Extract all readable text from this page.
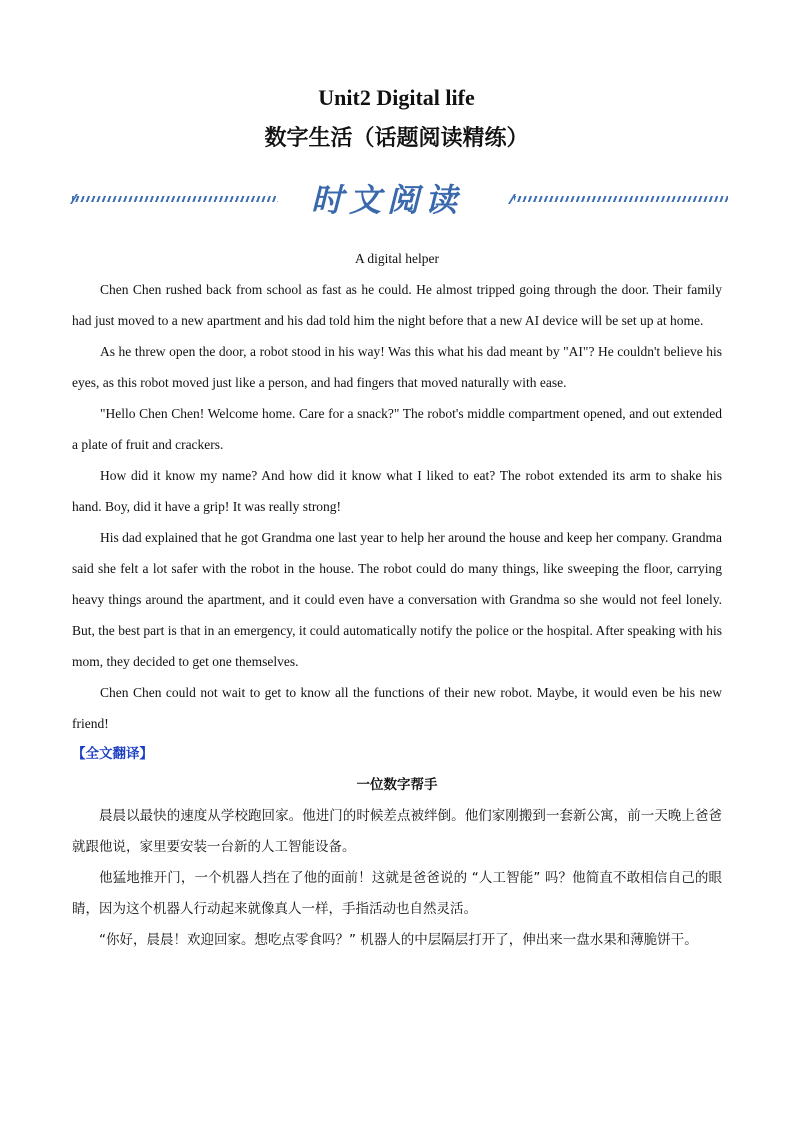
Unit2 Digital life
数字生活（话题阅读精练）
时文阅读

A digital helper

Chen Chen rushed back from school as fast as he could. He almost tripped going through the door. Their family had just moved to a new apartment and his dad told him the night before that a new AI device will be set up at home.

As he threw open the door, a robot stood in his way! Was this what his dad meant by "AI"? He couldn't believe his eyes, as this robot moved just like a person, and had fingers that moved naturally with ease.

"Hello Chen Chen! Welcome home. Care for a snack?" The robot's middle compartment opened, and out extended a plate of fruit and crackers.

How did it know my name? And how did it know what I liked to eat? The robot extended its arm to shake his hand. Boy, did it have a grip! It was really strong!

His dad explained that he got Grandma one last year to help her around the house and keep her company. Grandma said she felt a lot safer with the robot in the house. The robot could do many things, like sweeping the floor, carrying heavy things around the apartment, and it could even have a conversation with Grandma so she would not feel lonely. But, the best part is that in an emergency, it could automatically notify the police or the hospital. After speaking with his mom, they decided to get one themselves.

Chen Chen could not wait to get to know all the functions of their new robot. Maybe, it would even be his new friend!

【全文翻译】

一位数字帮手

晨晨以最快的速度从学校跑回家。他进门的时候差点被绊倒。他们家刚搬到一套新公寓，前一天晚上爸爸就跟他说，家里要安装一台新的人工智能设备。

他猛地推开门，一个机器人挡在了他的面前！这就是爸爸说的 “人工智能” 吗？他简直不敢相信自己的眼睛，因为这个机器人行动起来就像真人一样，手指活动也自然灵活。

“你好，晨晨！欢迎回家。想吃点零食吗？” 机器人的中层隔层打开了，伸出来一盘水果和薄脆饼干。
